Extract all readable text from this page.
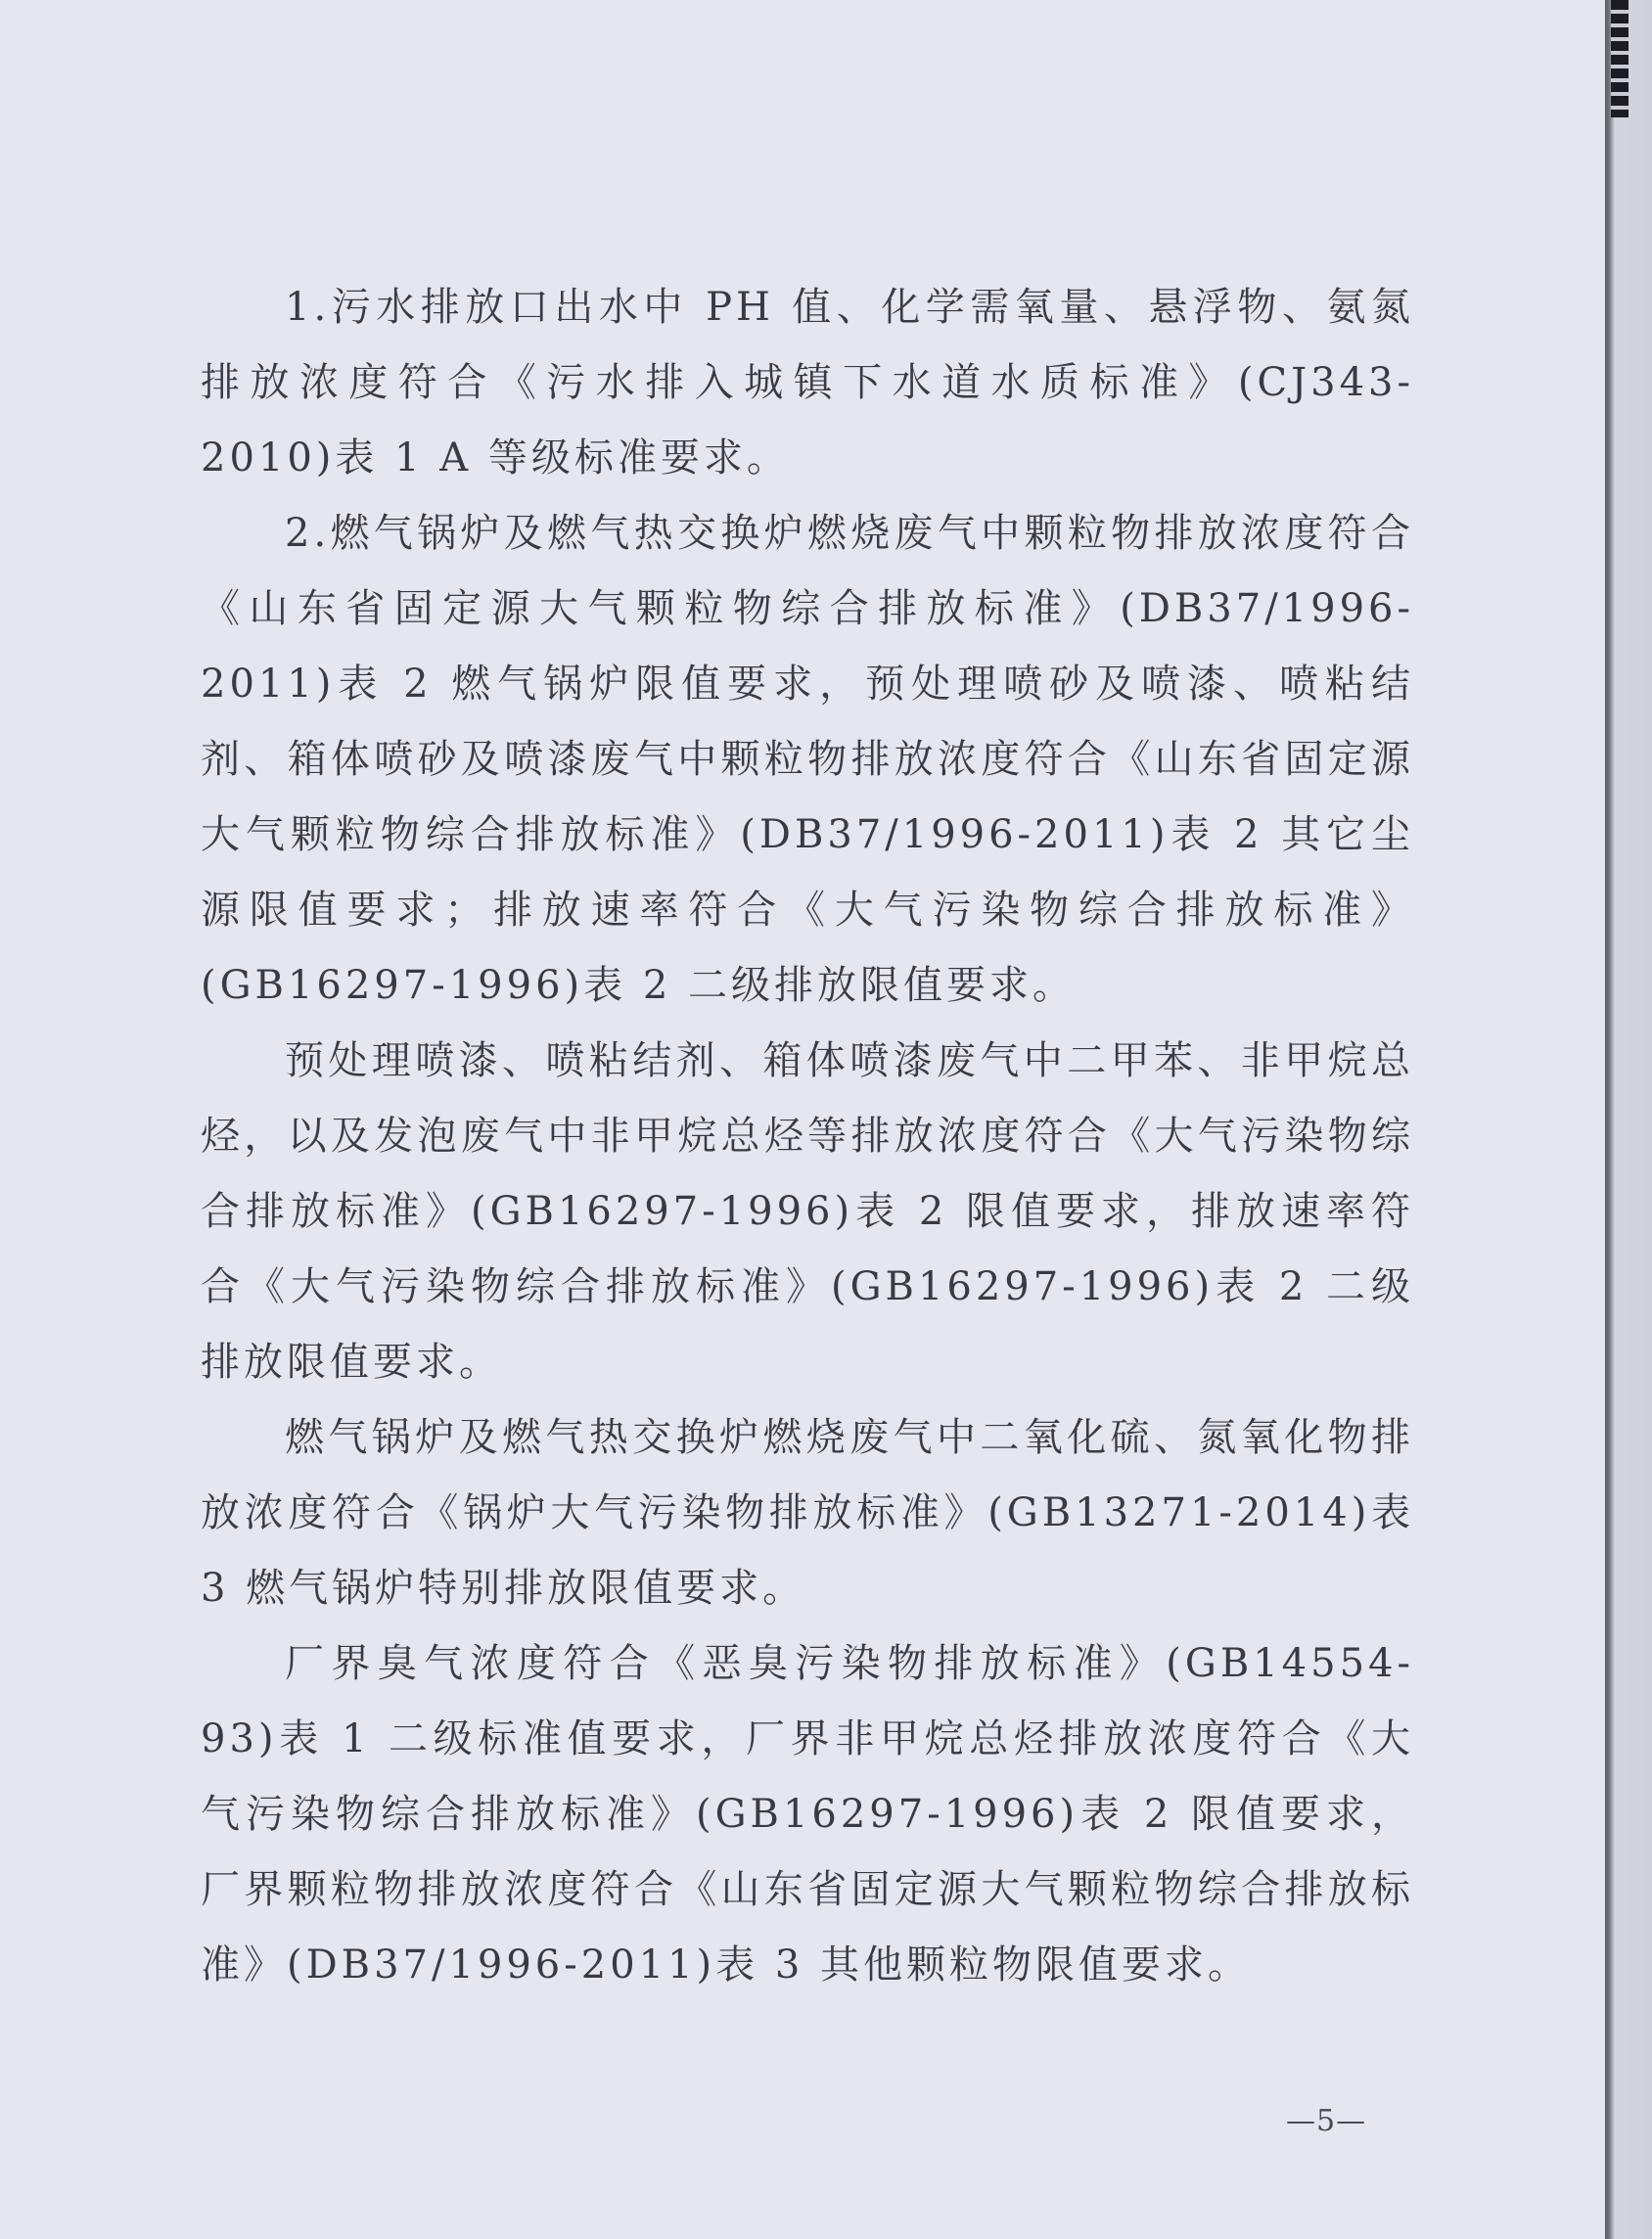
1.污水排放口出水中 PH 值、化学需氧量、悬浮物、氨氮排放浓度符合《污水排入城镇下水道水质标准》(CJ343-2010)表 1 A 等级标准要求。

2.燃气锅炉及燃气热交换炉燃烧废气中颗粒物排放浓度符合《山东省固定源大气颗粒物综合排放标准》(DB37/1996-2011)表 2 燃气锅炉限值要求，预处理喷砂及喷漆、喷粘结剂、箱体喷砂及喷漆废气中颗粒物排放浓度符合《山东省固定源大气颗粒物综合排放标准》(DB37/1996-2011)表 2 其它尘源限值要求；排放速率符合《大气污染物综合排放标准》(GB16297-1996)表 2 二级排放限值要求。

预处理喷漆、喷粘结剂、箱体喷漆废气中二甲苯、非甲烷总烃，以及发泡废气中非甲烷总烃等排放浓度符合《大气污染物综合排放标准》(GB16297-1996)表 2 限值要求，排放速率符合《大气污染物综合排放标准》(GB16297-1996)表 2 二级排放限值要求。

燃气锅炉及燃气热交换炉燃烧废气中二氧化硫、氮氧化物排放浓度符合《锅炉大气污染物排放标准》(GB13271-2014)表 3 燃气锅炉特别排放限值要求。

厂界臭气浓度符合《恶臭污染物排放标准》(GB14554-93)表 1 二级标准值要求，厂界非甲烷总烃排放浓度符合《大气污染物综合排放标准》(GB16297-1996)表 2 限值要求，厂界颗粒物排放浓度符合《山东省固定源大气颗粒物综合排放标准》(DB37/1996-2011)表 3 其他颗粒物限值要求。

—5—
